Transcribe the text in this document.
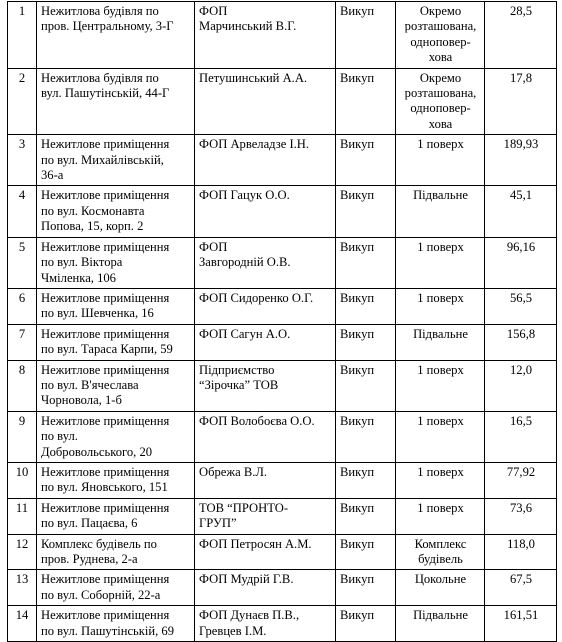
1	Нежитлова будівля по
пров. Центральному, 3-Г	ФОП
Марчинський В.Г.	Викуп	Окремо
розташована,
одноповер-
хова	28,5
2	Нежитлова будівля по
вул. Пашутінській, 44-Г	Петушинський А.А.	Викуп	Окремо
розташована,
одноповер-
хова	17,8
3	Нежитлове приміщення
по вул. Михайлівській,
36-а	ФОП Арвеладзе І.Н.	Викуп	1 поверх	189,93
4	Нежитлове приміщення
по вул. Космонавта
Попова, 15, корп. 2	ФОП Гацук О.О.	Викуп	Підвальне	45,1
5	Нежитлове приміщення
по вул. Віктора
Чміленка, 106	ФОП
Завгородній О.В.	Викуп	1 поверх	96,16
6	Нежитлове приміщення
по вул. Шевченка, 16	ФОП Сидоренко О.Г.	Викуп	1 поверх	56,5
7	Нежитлове приміщення
по вул. Тараса Карпи, 59	ФОП Сагун А.О.	Викуп	Підвальне	156,8
8	Нежитлове приміщення
по вул. В'ячеслава
Чорновола, 1-б	Підприємство
“Зірочка” ТОВ	Викуп	1 поверх	12,0
9	Нежитлове приміщення
по вул.
Добровольського, 20	ФОП Волобоєва О.О.	Викуп	1 поверх	16,5
10	Нежитлове приміщення
по вул. Яновського, 151	Обрежа В.Л.	Викуп	1 поверх	77,92
11	Нежитлове приміщення
по вул. Пацаєва, 6	ТОВ “ПРОНТО-
ГРУП”	Викуп	1 поверх	73,6
12	Комплекс будівель по
пров. Руднева, 2-а	ФОП Петросян А.М.	Викуп	Комплекс
будівель	118,0
13	Нежитлове приміщення
по вул. Соборній, 22-а	ФОП Мудрій Г.В.	Викуп	Цокольне	67,5
14	Нежитлове приміщення
по вул. Пашутінській, 69	ФОП Дунаєв П.В.,
Гревцев І.М.	Викуп	Підвальне	161,51
